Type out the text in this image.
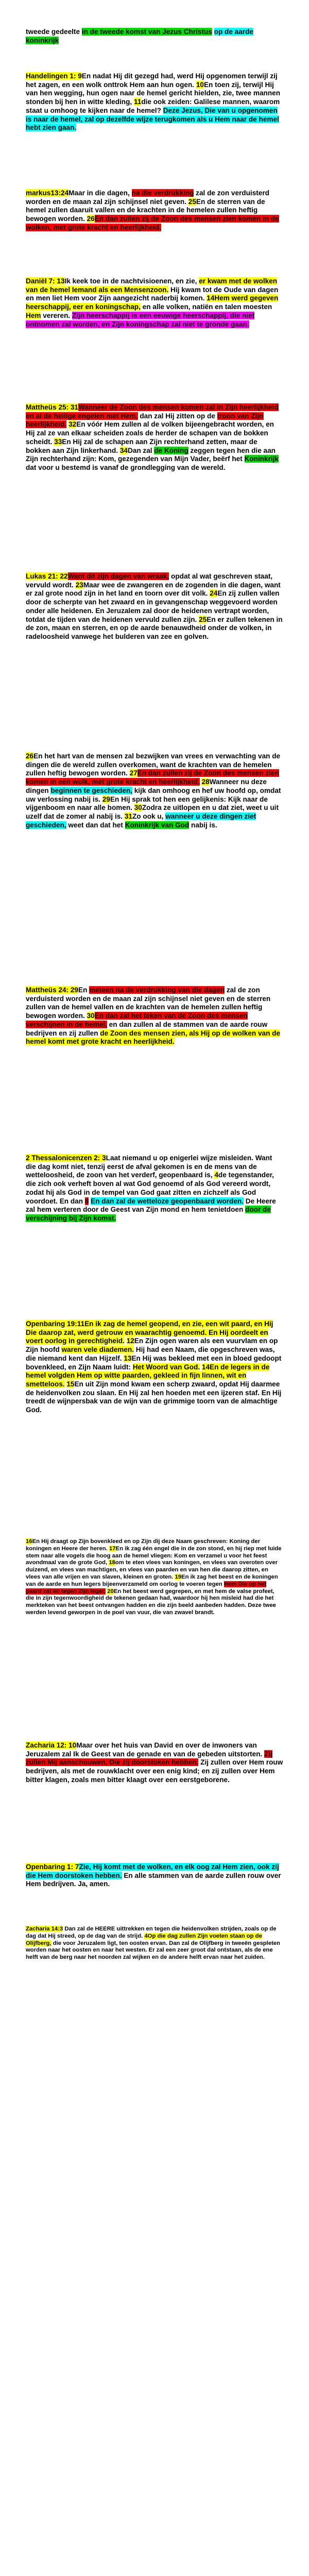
tweede gedeelte in de tweede komst van Jezus Christus op de aarde koninkrijk

Handelingen 1: 9En nadat Hij dit gezegd had, werd Hij opgenomen terwijl zij het zagen, en een wolk onttrok Hem aan hun ogen. 10En toen zij, terwijl Hij van hen wegging, hun ogen naar de hemel gericht hielden, zie, twee mannen stonden bij hen in witte kleding, 11die ook zeiden: Galilese mannen, waarom staat u omhoog te kijken naar de hemel? Deze Jezus, Die van u opgenomen is naar de hemel, zal op dezelfde wijze terugkomen als u Hem naar de hemel hebt zien gaan.

markus13:24Maar in die dagen, na die verdrukking zal de zon verduisterd worden en de maan zal zijn schijnsel niet geven. 25En de sterren van de hemel zullen daaruit vallen en de krachten in de hemelen zullen heftig bewogen worden. 26En dan zullen zij de Zoon des mensen zien komen in de wolken, met grote kracht en heerlijkheid.

Daniël 7: 13Ik keek toe in de nachtvisioenen, en zie, er kwam met de wolken van de hemel Iemand als een Mensenzoon. Hij kwam tot de Oude van dagen en men liet Hem voor Zijn aangezicht naderbij komen. 14Hem werd gegeven heerschappij, eer en koningschap, en alle volken, natiën en talen moesten Hem vereren. Zijn heerschappij is een eeuwige heerschappij, die niet ontnomen zal worden, en Zijn koningschap zal niet te gronde gaan.

Mattheüs 25: 31Wanneer de Zoon des mensen komen zal in Zijn heerlijkheid en al de heilige engelen met Hem, dan zal Hij zitten op de troon van Zijn heerlijkheid. 32En vóór Hem zullen al de volken bijeengebracht worden, en Hij zal ze van elkaar scheiden zoals de herder de schapen van de bokken scheidt. 33En Hij zal de schapen aan Zijn rechterhand zetten, maar de bokken aan Zijn linkerhand. 34Dan zal de Koning zeggen tegen hen die aan Zijn rechterhand zijn: Kom, gezegenden van Mijn Vader, beërf het Koninkrijk dat voor u bestemd is vanaf de grondlegging van de wereld.

Lukas 21: 22Want dit zijn dagen van wraak, opdat al wat geschreven staat, vervuld wordt. 23Maar wee de zwangeren en de zogenden in die dagen, want er zal grote nood zijn in het land en toorn over dit volk. 24En zij zullen vallen door de scherpte van het zwaard en in gevangenschap weggevoerd worden onder alle heidenen. En Jeruzalem zal door de heidenen vertrapt worden, totdat de tijden van de heidenen vervuld zullen zijn. 25En er zullen tekenen in de zon, maan en sterren, en op de aarde benauwdheid onder de volken, in radeloosheid vanwege het bulderen van zee en golven.

26En het hart van de mensen zal bezwijken van vrees en verwachting van de dingen die de wereld zullen overkomen, want de krachten van de hemelen zullen heftig bewogen worden. 27En dan zullen zij de Zoon des mensen zien komen in een wolk, met grote kracht en heerlijkheid. 28Wanneer nu deze dingen beginnen te geschieden, kijk dan omhoog en hef uw hoofd op, omdat uw verlossing nabij is. 29En Hij sprak tot hen een gelijkenis: Kijk naar de vijgenboom en naar alle bomen. 30Zodra ze uitlopen en u dat ziet, weet u uit uzelf dat de zomer al nabij is. 31Zo ook u, wanneer u deze dingen ziet geschieden, weet dan dat het Koninkrijk van God nabij is.

Mattheüs 24: 29En meteen na de verdrukking van die dagen zal de zon verduisterd worden en de maan zal zijn schijnsel niet geven en de sterren zullen van de hemel vallen en de krachten van de hemelen zullen heftig bewogen worden. 30En dan zal het teken van de Zoon des mensen verschijnen in de hemel, en dan zullen al de stammen van de aarde rouw bedrijven en zij zullen de Zoon des mensen zien, als Hij op de wolken van de hemel komt met grote kracht en heerlijkheid.

2 Thessalonicenzen 2: 3Laat niemand u op enigerlei wijze misleiden. Want die dag komt niet, tenzij eerst de afval gekomen is en de mens van de wetteloosheid, de zoon van het verderf, geopenbaard is, 4de tegenstander, die zich ook verheft boven al wat God genoemd of als God vereerd wordt, zodat hij als God in de tempel van God gaat zitten en zichzelf als God voordoet. En dan 8 En dan zal de wetteloze geopenbaard worden. De Heere zal hem verteren door de Geest van Zijn mond en hem tenietdoen door de verschijning bij Zijn komst.

Openbaring 19:11En ik zag de hemel geopend, en zie, een wit paard, en Hij Die daarop zat, werd getrouw en waarachtig genoemd. En Hij oordeelt en voert oorlog in gerechtigheid. 12En Zijn ogen waren als een vuurvlam en op Zijn hoofd waren vele diademen. Hij had een Naam, die opgeschreven was, die niemand kent dan Hijzelf. 13En Hij was bekleed met een in bloed gedoopt bovenkleed, en Zijn Naam luidt: Het Woord van God. 14En de legers in de hemel volgden Hem op witte paarden, gekleed in fijn linnen, wit en smetteloos. 15En uit Zijn mond kwam een scherp zwaard, opdat Hij daarmee de heidenvolken zou slaan. En Hij zal hen hoeden met een ijzeren staf. En Hij treedt de wijnpersbak van de wijn van de grimmige toorn van de almachtige God.

16En Hij draagt op Zijn bovenkleed en op Zijn dij deze Naam geschreven: Koning der koningen en Heere der heren. 17En ik zag één engel die in de zon stond, en hij riep met luide stem naar alle vogels die hoog aan de hemel vliegen: Kom en verzamel u voor het feest avondmaal van de grote God, 18om te eten vlees van koningen, en vlees van overoten over duizend, en vlees van machtigen, en vlees van paarden en van hen die daarop zitten, en vlees van alle vrijen en van slaven, kleinen en groten. 19En ik zag het beest en de koningen van de aarde en hun legers bijeenverzameld om oorlog te voeren tegen Hem Die op het paard zat en tegen Zijn leger. 20En het beest werd gegrepen, en met hem de valse profeet, die in zijn tegenwoordigheid de tekenen gedaan had, waardoor hij hen misleid had die het merkteken van het beest ontvangen hadden en die zijn beeld aanbeden hadden. Deze twee werden levend geworpen in de poel van vuur, die van zwavel brandt.

Zacharia 12: 10Maar over het huis van David en over de inwoners van Jeruzalem zal Ik de Geest van de genade en van de gebeden uitstorten. Zij zullen Mij aanschouwen, Die zij doorstoken hebben. Zij zullen over Hem rouw bedrijven, als met de rouwklacht over een enig kind; en zij zullen over Hem bitter klagen, zoals men bitter klaagt over een eerstgeborene.

Openbaring 1: 7Zie, Hij komt met de wolken, en elk oog zal Hem zien, ook zij die Hem doorstoken hebben. En alle stammen van de aarde zullen rouw over Hem bedrijven. Ja, amen.

Zacharia 14:3 Dan zal de HEERE uittrekken en tegen die heidenvolken strijden, zoals op de dag dat Hij streed, op de dag van de strijd. 4Op die dag zullen Zijn voeten staan op de Olijfberg, die voor Jeruzalem ligt, ten oosten ervan. Dan zal de Olijfberg in tweeën gespleten worden naar het oosten en naar het westen. Er zal een zeer groot dal ontstaan, als de ene helft van de berg naar het noorden zal wijken en de andere helft ervan naar het zuiden.
